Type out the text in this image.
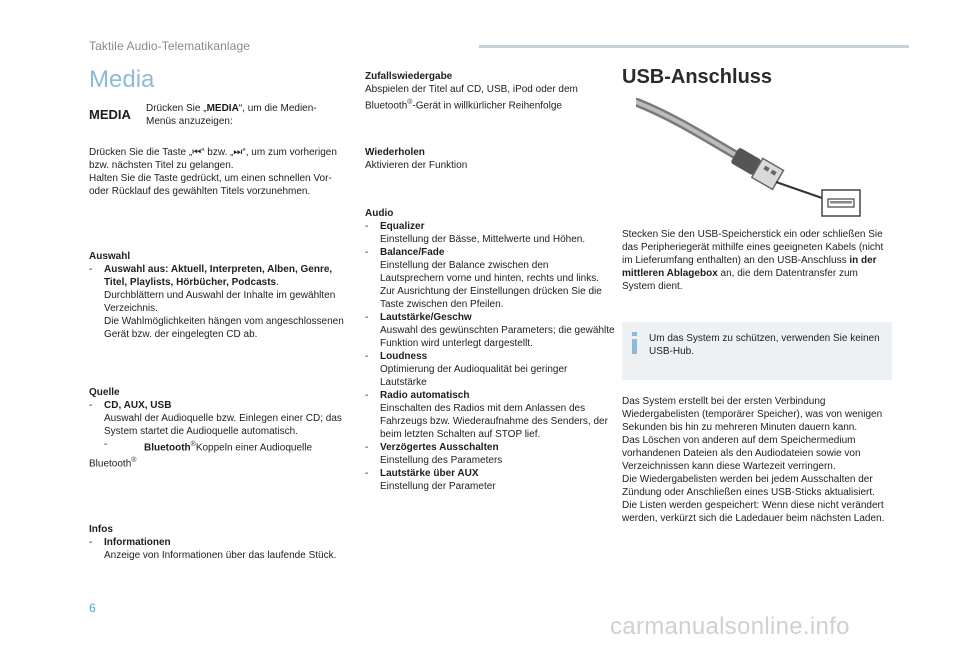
Taktile Audio-Telematikanlage
Media
MEDIA Drücken Sie „MEDIA“, um die Medien-Menüs anzuzeigen:
Drücken Sie die Taste „⏮“ bzw. „⏭“, um zum vorherigen bzw. nächsten Titel zu gelangen.
Halten Sie die Taste gedrückt, um einen schnellen Vor- oder Rücklauf des gewählten Titels vorzunehmen.
Auswahl
- Auswahl aus: Aktuell, Interpreten, Alben, Genre, Titel, Playlists, Hörbücher, Podcasts.
Durchblättern und Auswahl der Inhalte im gewählten Verzeichnis.
Die Wahlmöglichkeiten hängen vom angeschlossenen Gerät bzw. der eingelegten CD ab.
Quelle
- CD, AUX, USB
Auswahl der Audioquelle bzw. Einlegen einer CD; das System startet die Audioquelle automatisch.
-	Bluetooth®Koppeln einer Audioquelle
Bluetooth®
Infos
- Informationen
Anzeige von Informationen über das laufende Stück.
Zufallswiedergabe
Abspielen der Titel auf CD, USB, iPod oder dem Bluetooth®-Gerät in willkürlicher Reihenfolge
Wiederholen
Aktivieren der Funktion
Audio
- Equalizer
Einstellung der Bässe, Mittelwerte und Höhen.
- Balance/Fade
Einstellung der Balance zwischen den Lautsprechern vorne und hinten, rechts und links. Zur Ausrichtung der Einstellungen drücken Sie die Taste zwischen den Pfeilen.
- Lautstärke/Geschw
Auswahl des gewünschten Parameters; die gewählte Funktion wird unterlegt dargestellt.
- Loudness
Optimierung der Audioqualität bei geringer Lautstärke
- Radio automatisch
Einschalten des Radios mit dem Anlassen des Fahrzeugs bzw. Wiederaufnahme des Senders, der beim letzten Schalten auf STOP lief.
- Verzögertes Ausschalten
Einstellung des Parameters
- Lautstärke über AUX
Einstellung der Parameter
USB-Anschluss
Stecken Sie den USB-Speicherstick ein oder schließen Sie das Peripheriegerät mithilfe eines geeigneten Kabels (nicht im Lieferumfang enthalten) an den USB-Anschluss in der mittleren Ablagebox an, die dem Datentransfer zum System dient.
Um das System zu schützen, verwenden Sie keinen USB-Hub.
Das System erstellt bei der ersten Verbindung Wiedergabelisten (temporärer Speicher), was von wenigen Sekunden bis hin zu mehreren Minuten dauern kann.
Das Löschen von anderen auf dem Speichermedium vorhandenen Dateien als den Audiodateien sowie von Verzeichnissen kann diese Wartezeit verringern.
Die Wiedergabelisten werden bei jedem Ausschalten der Zündung oder Anschließen eines USB-Sticks aktualisiert. Die Listen werden gespeichert: Wenn diese nicht verändert werden, verkürzt sich die Ladedauer beim nächsten Laden.
6
carmanualsonline.info
